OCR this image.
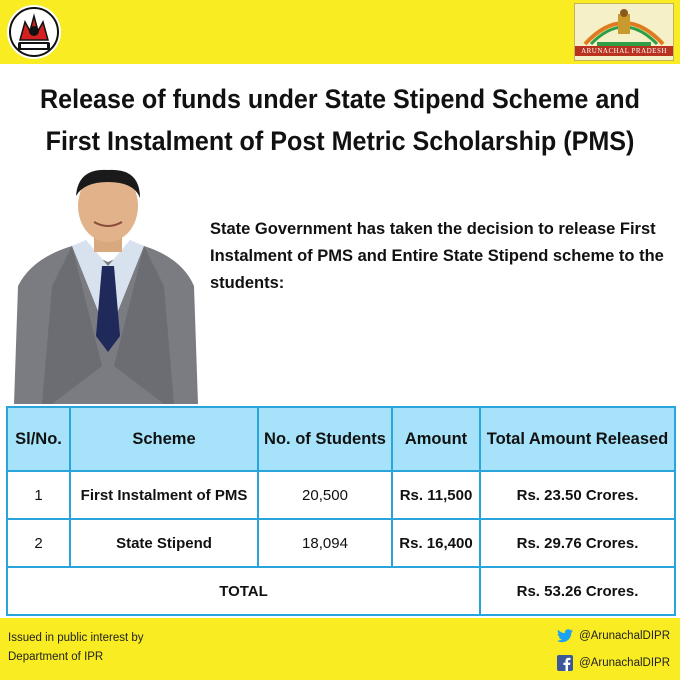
ARUNACHAL PRADESH
Release of funds under State Stipend Scheme and
First Instalment of Post Metric Scholarship (PMS)

State Government has taken the decision to release First Instalment of PMS and Entire State Stipend scheme to the students:

Sl/No.	Scheme	No. of Students	Amount	Total Amount Released
1	First Instalment of PMS	20,500	Rs. 11,500	Rs. 23.50 Crores.
2	State Stipend	18,094	Rs. 16,400	Rs. 29.76 Crores.
TOTAL				Rs. 53.26 Crores.
Issued in public interest by
Department of IPR
@ArunachalDIPR
@ArunachalDIPR
